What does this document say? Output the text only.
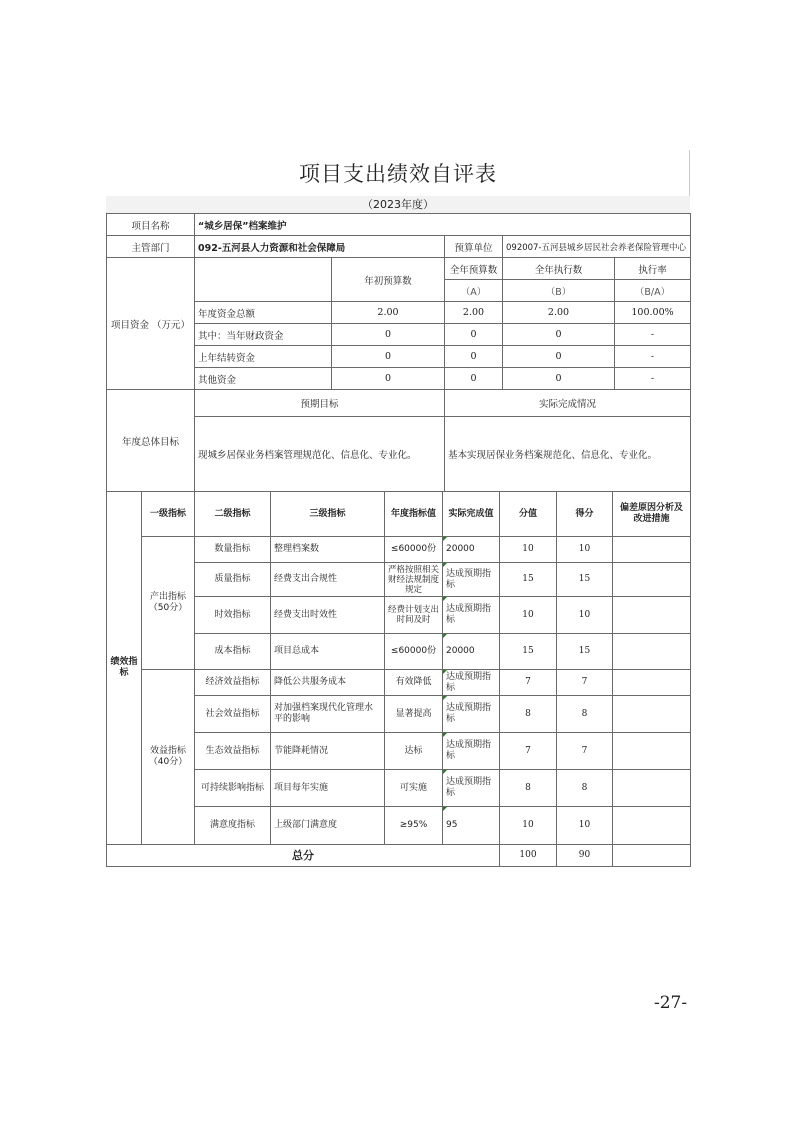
项目支出绩效自评表
（2023年度）
项目名称	“城乡居保”档案维护				
主管部门	092-五河县人力资源和社会保障局		预算单位	092007-五河县城乡居民社会养老保险管理中心	
项目资金 （万元）		年初预算数	全年预算数	全年执行数	执行率
			（A）	（B）	（B/A）
	年度资金总额	2.00	2.00	2.00	100.00%
	其中：当年财政资金	0	0	0	-
	上年结转资金	0	0	0	-
	其他资金	0	0	0	-
年度总体目标	预期目标		实际完成情况		
	现城乡居保业务档案管理规范化、信息化、专业化。		基本实现居保业务档案规范化、信息化、专业化。		
绩效指标	一级指标	二级指标	三级指标	年度指标值	实际完成值	分值	得分	偏差原因分析及改进措施
	产出指标 （50分）	数量指标	整理档案数	≤60000份	20000	10	10	
		质量指标	经费支出合规性	严格按照相关财经法规制度规定	达成预期指标	15	15	
		时效指标	经费支出时效性	经费计划支出时间及时	达成预期指标	10	10	
		成本指标	项目总成本	≤60000份	20000	15	15	
	效益指标 （40分）	经济效益指标	降低公共服务成本	有效降低	达成预期指标	7	7	
		社会效益指标	对加强档案现代化管理水平的影响	显著提高	达成预期指标	8	8	
		生态效益指标	节能降耗情况	达标	达成预期指标	7	7	
		可持续影响指标	项目每年实施	可实施	达成预期指标	8	8	
		满意度指标	上级部门满意度	≥95%	95	10	10	
总分						100	90	
-27-
